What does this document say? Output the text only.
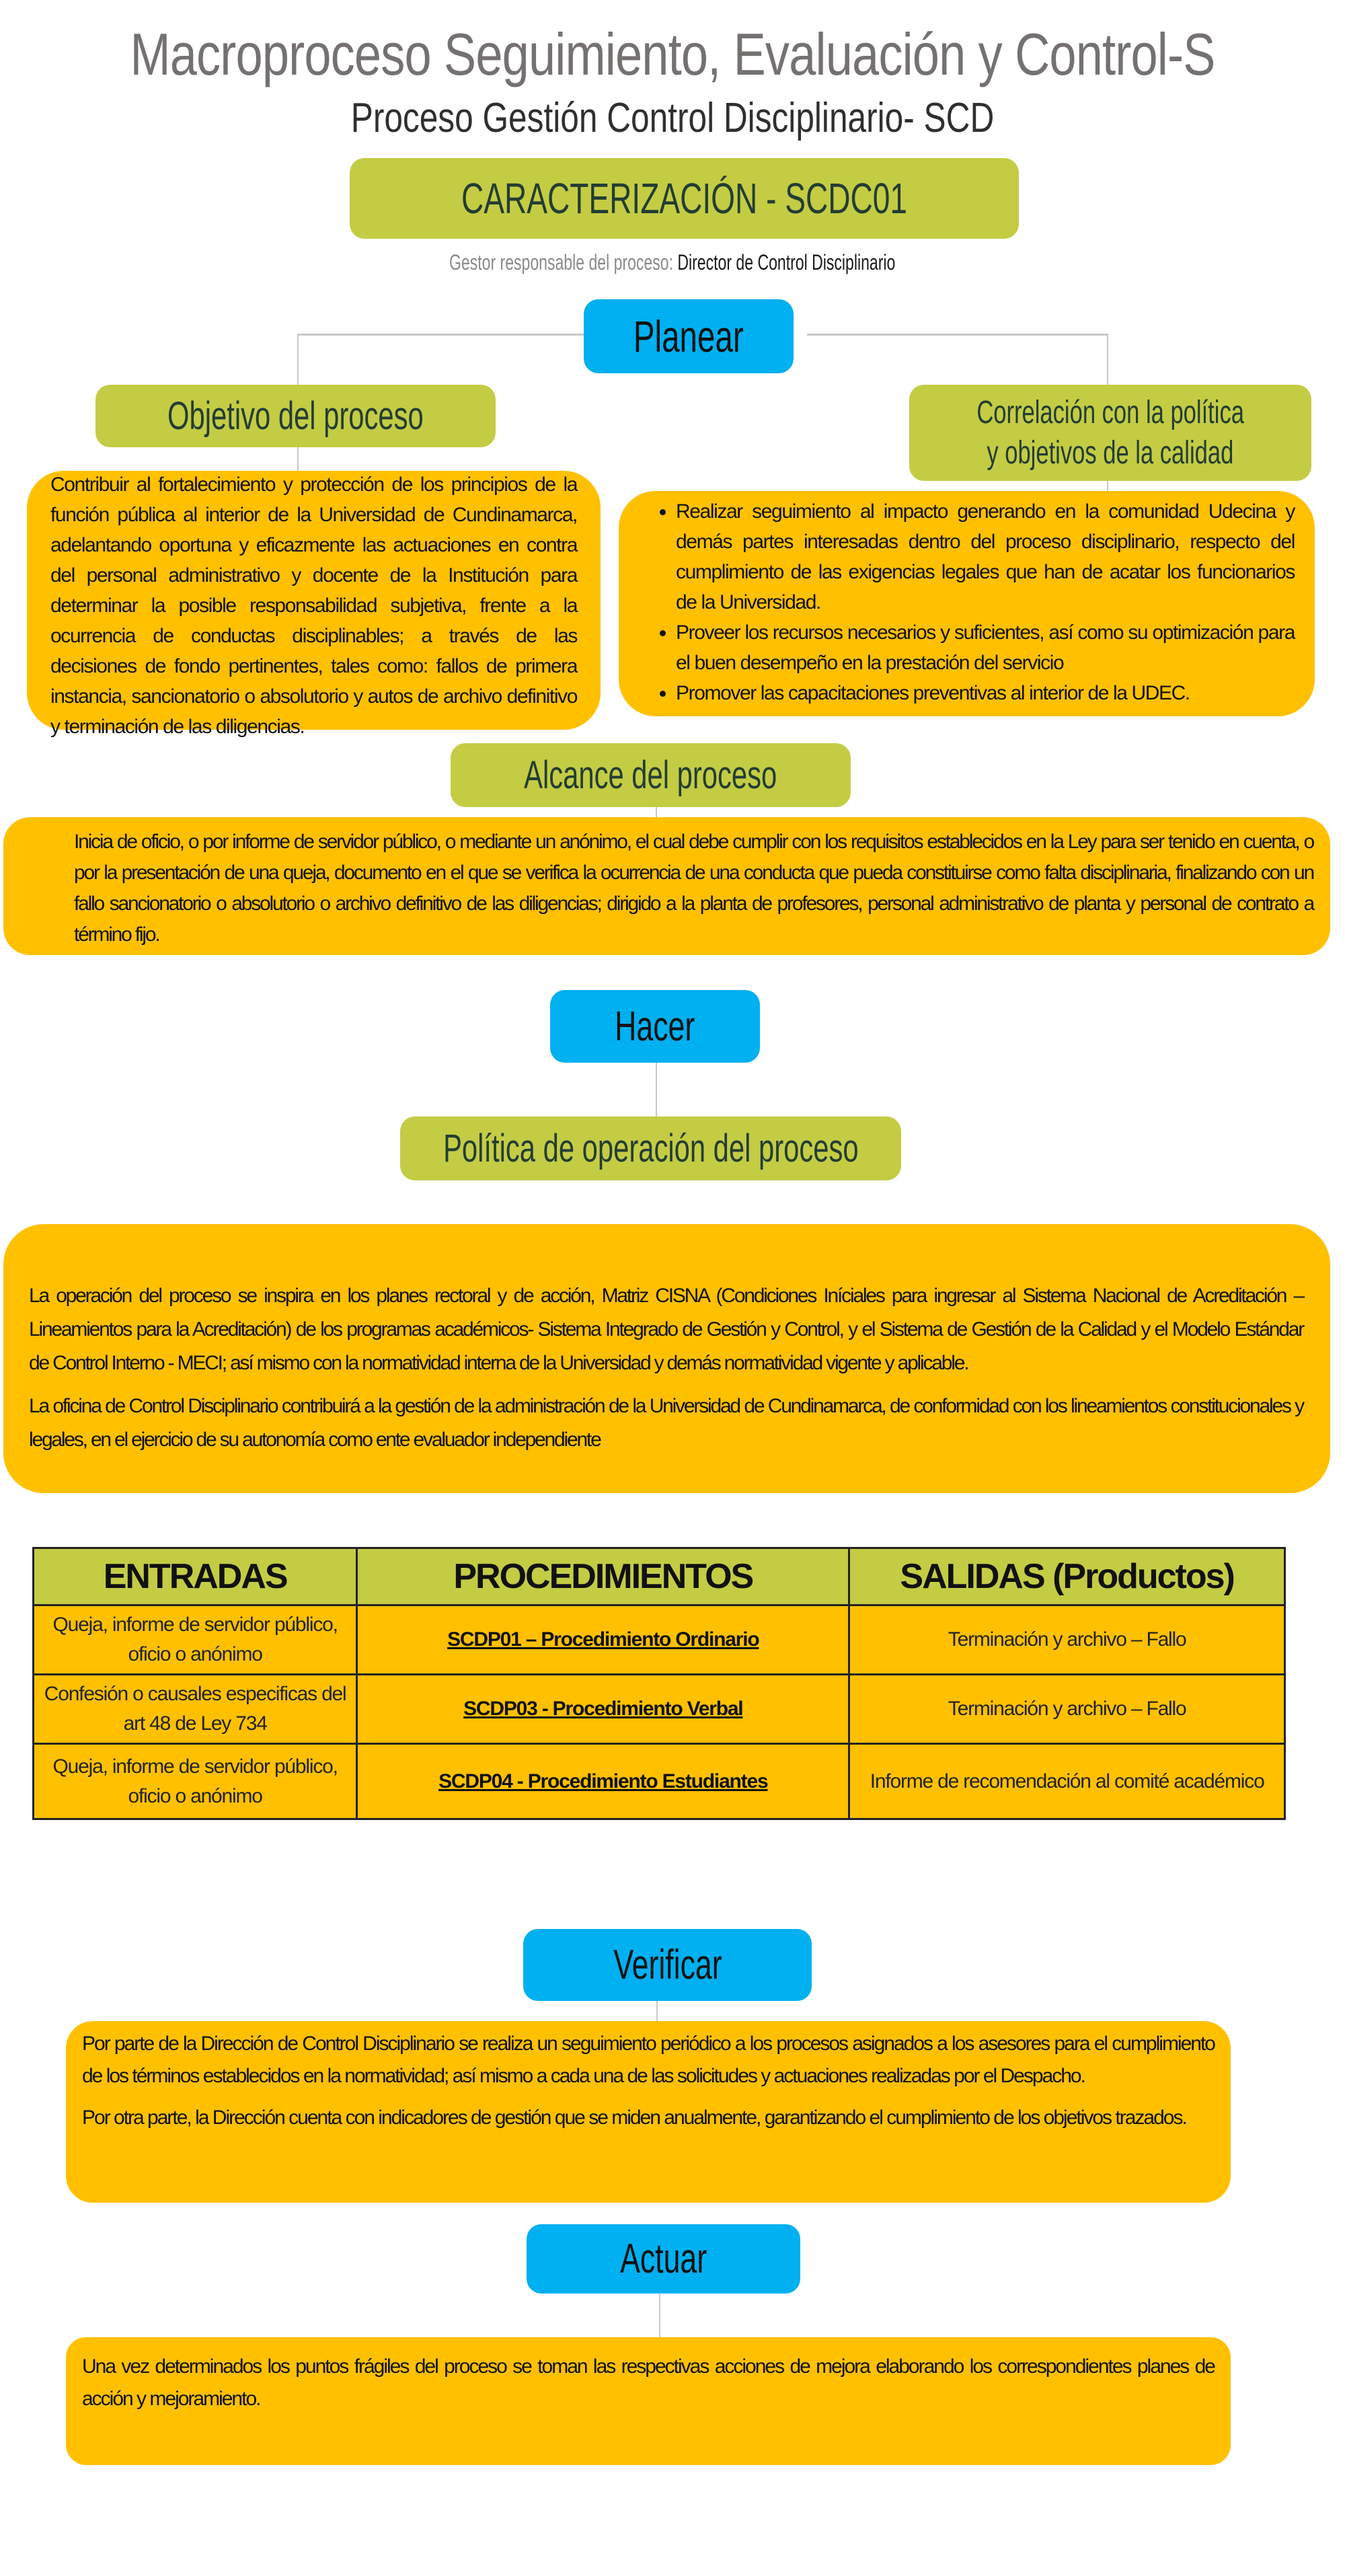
Macroproceso Seguimiento, Evaluación y Control-S
Proceso Gestión Control Disciplinario- SCD
CARACTERIZACIÓN - SCDC01
Gestor responsable del proceso: Director de Control Disciplinario
Planear
Objetivo del proceso
Contribuir al fortalecimiento y protección de los principios de la función pública al interior de la Universidad de Cundinamarca, adelantando oportuna y eficazmente las actuaciones en contra del personal administrativo y docente de la Institución para determinar la posible responsabilidad subjetiva, frente a la ocurrencia de conductas disciplinables; a través de las decisiones de fondo pertinentes, tales como: fallos de primera instancia, sancionatorio o absolutorio y autos de archivo definitivo y terminación de las diligencias.
Correlación con la política
y objetivos de la calidad
• Realizar seguimiento al impacto generando en la comunidad Udecina y demás partes interesadas dentro del proceso disciplinario, respecto del cumplimiento de las exigencias legales que han de acatar los funcionarios de la Universidad.
• Proveer los recursos necesarios y suficientes, así como su optimización para el buen desempeño en la prestación del servicio
• Promover las capacitaciones preventivas al interior de la UDEC.
Alcance del proceso
Inicia de oficio, o por informe de servidor público, o mediante un anónimo, el cual debe cumplir con los requisitos establecidos en la Ley para ser tenido en cuenta, o por la presentación de una queja, documento en el que se verifica la ocurrencia de una conducta que pueda constituirse como falta disciplinaria, finalizando con un fallo sancionatorio o absolutorio o archivo definitivo de las diligencias; dirigido a la planta de profesores, personal administrativo de planta y personal de contrato a término fijo.
Hacer
Política de operación del proceso

La operación del proceso se inspira en los planes rectoral y de acción, Matriz CISNA (Condiciones Iníciales para ingresar al Sistema Nacional de Acreditación – Lineamientos para la Acreditación) de los programas académicos- Sistema Integrado de Gestión y Control, y el Sistema de Gestión de la Calidad y el Modelo Estándar de Control Interno - MECI; así mismo con la normatividad interna de la Universidad y demás normatividad vigente y aplicable.

La oficina de Control Disciplinario contribuirá a la gestión de la administración de la Universidad de Cundinamarca, de conformidad con los lineamientos constitucionales y legales, en el ejercicio de su autonomía como ente evaluador independiente

ENTRADAS	PROCEDIMIENTOS	SALIDAS (Productos)
Queja, informe de servidor público, oficio o anónimo	SCDP01 – Procedimiento Ordinario	Terminación y archivo – Fallo
Confesión o causales especificas del art 48 de Ley 734	SCDP03 - Procedimiento Verbal	Terminación y archivo – Fallo
Queja, informe de servidor público, oficio o anónimo	SCDP04 - Procedimiento Estudiantes	Informe de recomendación al comité académico
Verificar

Por parte de la Dirección de Control Disciplinario se realiza un seguimiento periódico a los procesos asignados a los asesores para el cumplimiento de los términos establecidos en la normatividad; así mismo a cada una de las solicitudes y actuaciones realizadas por el Despacho.

Por otra parte, la Dirección cuenta con indicadores de gestión que se miden anualmente, garantizando el cumplimiento de los objetivos trazados.

Actuar

Una vez determinados los puntos frágiles del proceso se toman las respectivas acciones de mejora elaborando los correspondientes planes de acción y mejoramiento.
